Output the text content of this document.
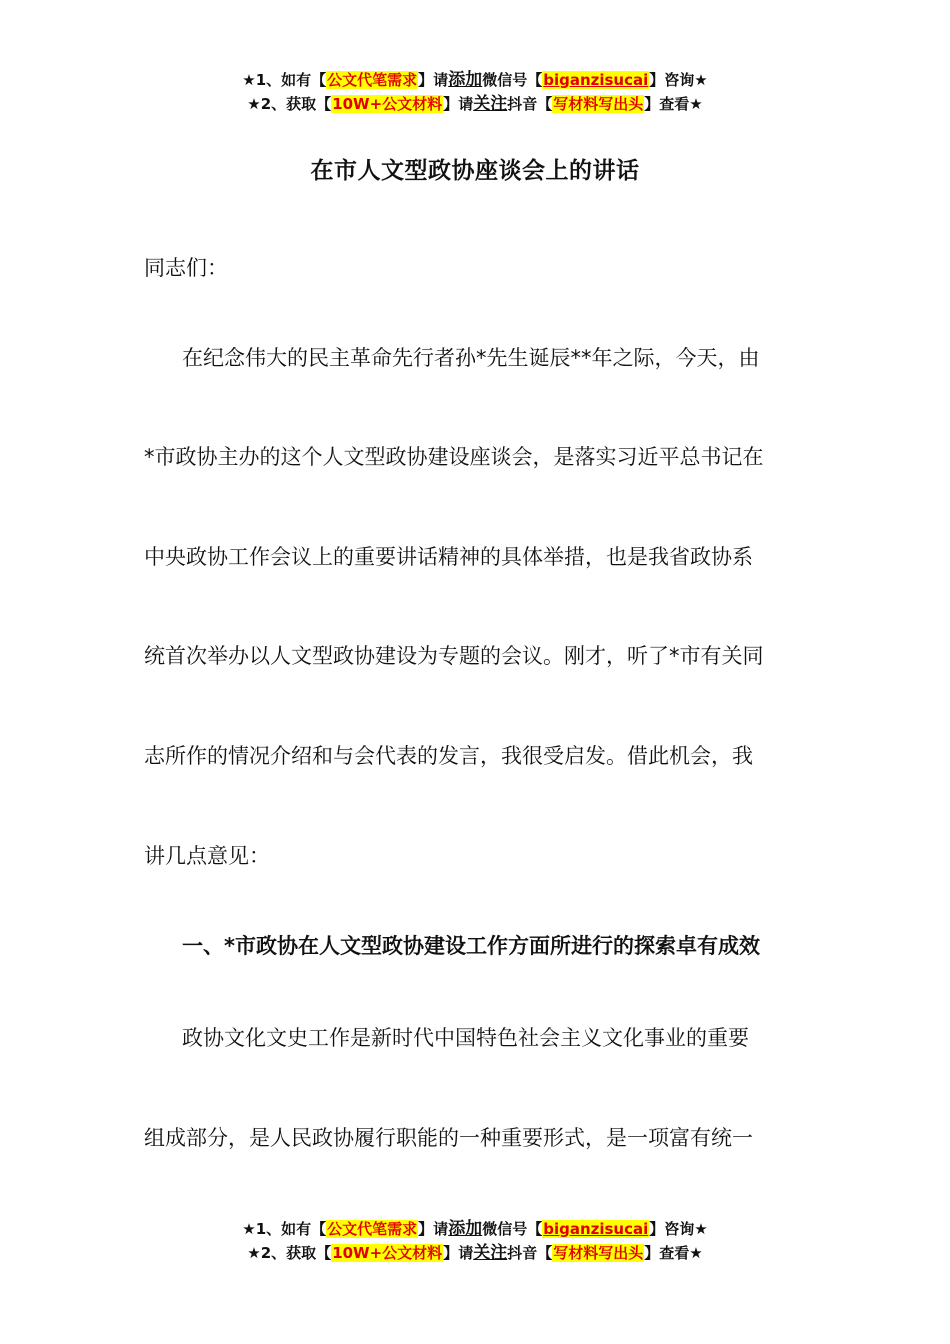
★1、如有【公文代笔需求】请添加微信号【biganzisucai】咨询★
★2、获取【10W+公文材料】请关注抖音【写材料写出头】查看★
在市人文型政协座谈会上的讲话
同志们：
在纪念伟大的民主革命先行者孙*先生诞辰**年之际，今天，由
*市政协主办的这个人文型政协建设座谈会，是落实习近平总书记在
中央政协工作会议上的重要讲话精神的具体举措，也是我省政协系
统首次举办以人文型政协建设为专题的会议。刚才，听了*市有关同
志所作的情况介绍和与会代表的发言，我很受启发。借此机会，我
讲几点意见：
一、*市政协在人文型政协建设工作方面所进行的探索卓有成效
政协文化文史工作是新时代中国特色社会主义文化事业的重要
组成部分，是人民政协履行职能的一种重要形式，是一项富有统一
★1、如有【公文代笔需求】请添加微信号【biganzisucai】咨询★
★2、获取【10W+公文材料】请关注抖音【写材料写出头】查看★
